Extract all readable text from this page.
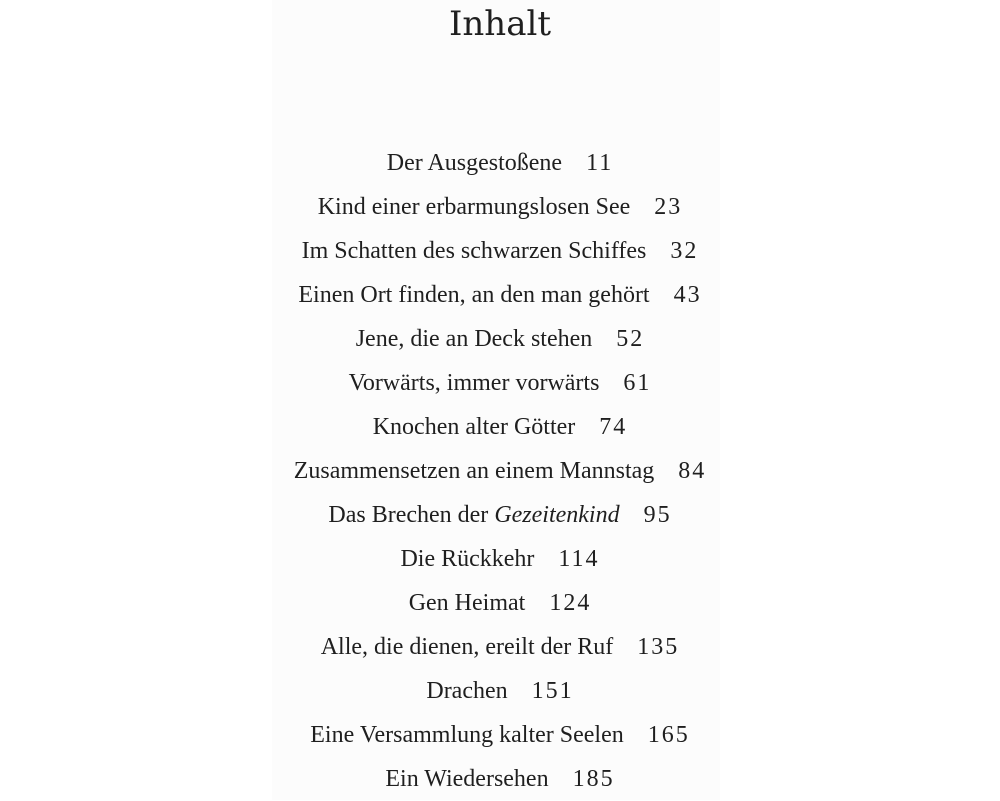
Inhalt
Der Ausgestoßene 11
Kind einer erbarmungslosen See 23
Im Schatten des schwarzen Schiffes 32
Einen Ort finden, an den man gehört 43
Jene, die an Deck stehen 52
Vorwärts, immer vorwärts 61
Knochen alter Götter 74
Zusammensetzen an einem Mannstag 84
Das Brechen der Gezeitenkind 95
Die Rückkehr 114
Gen Heimat 124
Alle, die dienen, ereilt der Ruf 135
Drachen 151
Eine Versammlung kalter Seelen 165
Ein Wiedersehen 185
